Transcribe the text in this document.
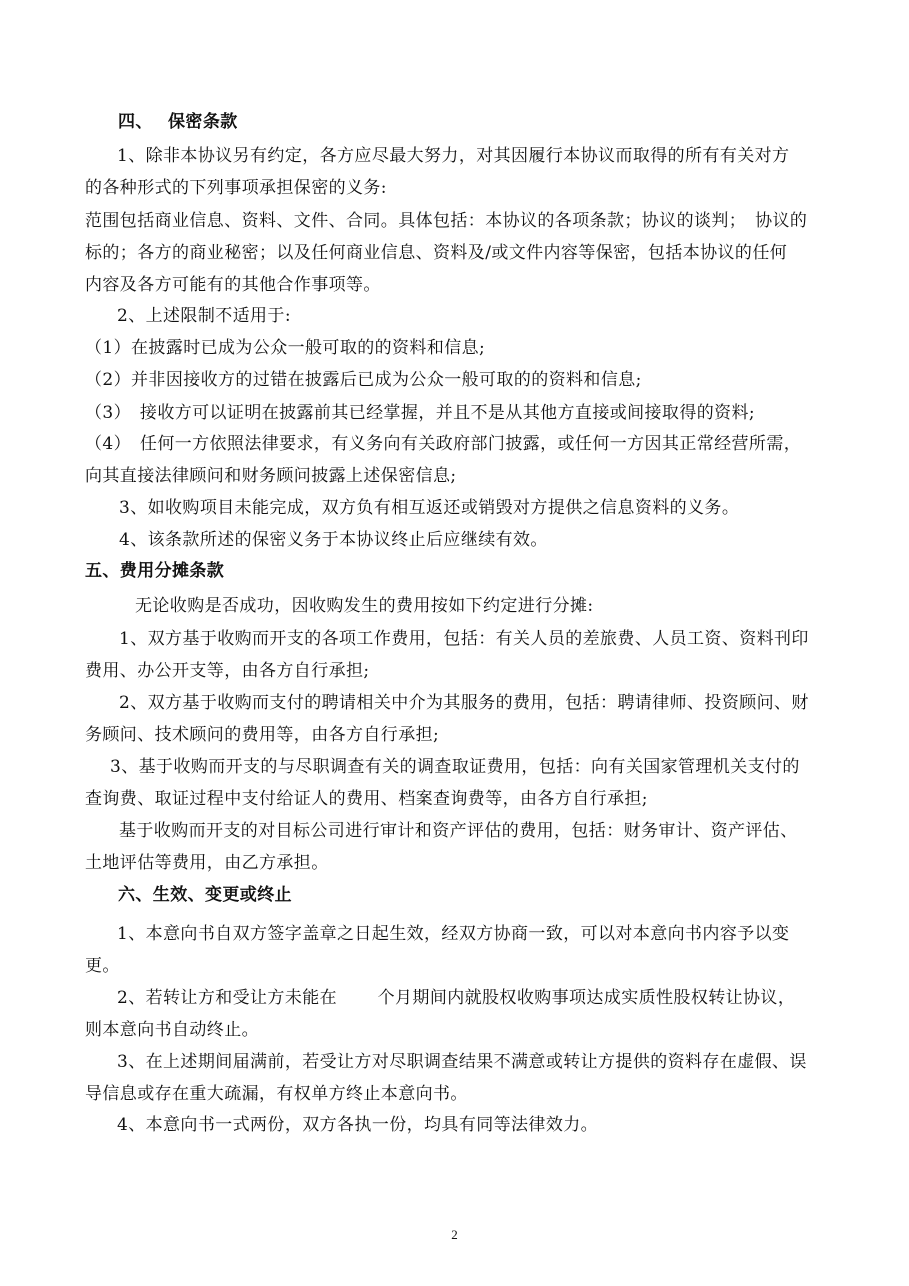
四、　 保密条款
1、除非本协议另有约定，各方应尽最大努力，对其因履行本协议而取得的所有有关对方
的各种形式的下列事项承担保密的义务:
范围包括商业信息、资料、文件、合同。具体包括：本协议的各项条款；协议的谈判；　协议的
标的；各方的商业秘密；以及任何商业信息、资料及/或文件内容等保密，包括本协议的任何
内容及各方可能有的其他合作事项等。
2、上述限制不适用于:
（1）在披露时已成为公众一般可取的的资料和信息;
（2）并非因接收方的过错在披露后已成为公众一般可取的的资料和信息;
（3）　接收方可以证明在披露前其已经掌握，并且不是从其他方直接或间接取得的资料;
（4）　任何一方依照法律要求，有义务向有关政府部门披露，或任何一方因其正常经营所需，
向其直接法律顾问和财务顾问披露上述保密信息;
3、如收购项目未能完成，双方负有相互返还或销毁对方提供之信息资料的义务。
4、该条款所述的保密义务于本协议终止后应继续有效。
五、费用分摊条款
无论收购是否成功，因收购发生的费用按如下约定进行分摊:
1、双方基于收购而开支的各项工作费用，包括：有关人员的差旅费、人员工资、资料刊印
费用、办公开支等，由各方自行承担;
2、双方基于收购而支付的聘请相关中介为其服务的费用，包括：聘请律师、投资顾问、财
务顾问、技术顾问的费用等，由各方自行承担;
3、基于收购而开支的与尽职调查有关的调查取证费用，包括：向有关国家管理机关支付的
查询费、取证过程中支付给证人的费用、档案查询费等，由各方自行承担;
基于收购而开支的对目标公司进行审计和资产评估的费用，包括：财务审计、资产评估、
土地评估等费用，由乙方承担。
六、生效、变更或终止
1、本意向书自双方签字盖章之日起生效，经双方协商一致，可以对本意向书内容予以变
更。
2、若转让方和受让方未能在　　 个月期间内就股权收购事项达成实质性股权转让协议，
则本意向书自动终止。
3、在上述期间届满前，若受让方对尽职调查结果不满意或转让方提供的资料存在虚假、误
导信息或存在重大疏漏，有权单方终止本意向书。
4、本意向书一式两份，双方各执一份，均具有同等法律效力。
2
